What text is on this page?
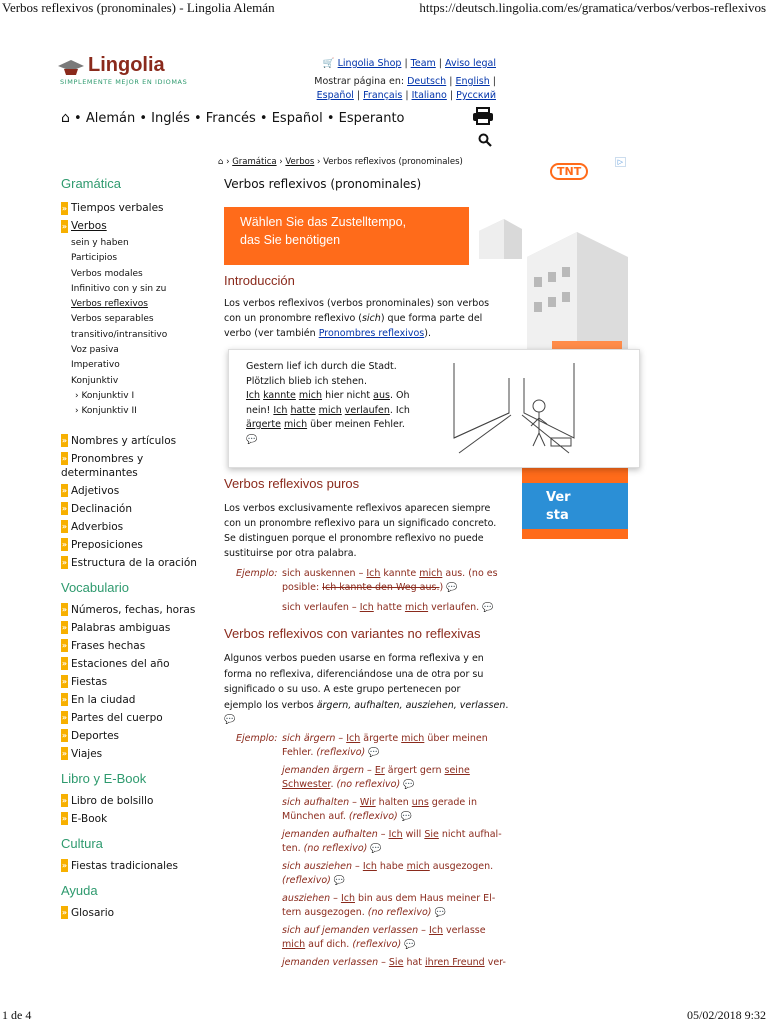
Verbos reflexivos (pronominales) - Lingolia Alemán	https://deutsch.lingolia.com/es/gramatica/verbos/verbos-reflexivos
1 de 4	05/02/2018 9:32
Lingolia
SIMPLEMENTE MEJOR EN IDIOMAS
🛒 Lingolia Shop | Team | Aviso legal
Mostrar página en: Deutsch | English |
Español | Français | Italiano | Русский
⌂ • Alemán • Inglés • Francés • Español • Esperanto
⌂ › Gramática › Verbos › Verbos reflexivos (pronominales)
Verbos reflexivos (pronominales)
Gramática
» Tiempos verbales
» Verbos
sein y haben
Participios
Verbos modales
Infinitivo con y sin zu
Verbos reflexivos
Verbos separables
transitivo/intransitivo
Voz pasiva
Imperativo
Konjunktiv
› Konjunktiv I
› Konjunktiv II
» Nombres y artículos
» Pronombres y determinantes
» Adjetivos
» Declinación
» Adverbios
» Preposiciones
» Estructura de la oración
Vocabulario
» Números, fechas, horas
» Palabras ambiguas
» Frases hechas
» Estaciones del año
» Fiestas
» En la ciudad
» Partes del cuerpo
» Deportes
» Viajes
Libro y E-Book
» Libro de bolsillo
» E-Book
Cultura
» Fiestas tradicionales
Ayuda
» Glosario
Wählen Sie das Zustelltempo,
das Sie benötigen
▷
TNT
Ver
sta
Introducción
Los verbos reflexivos (verbos pronominales) son verbos
con un pronombre reflexivo (sich) que forma parte del
verbo (ver también Pronombres reflexivos).
Gestern lief ich durch die Stadt.
Plötzlich blieb ich stehen.
Ich kannte mich hier nicht aus. Oh
nein! Ich hatte mich verlaufen. Ich
ärgerte mich über meinen Fehler.
💬
Verbos reflexivos puros
Los verbos exclusivamente reflexivos aparecen siempre
con un pronombre reflexivo para un significado concreto.
Se distinguen porque el pronombre reflexivo no puede
sustituirse por otra palabra.
Ejemplo: sich auskennen – Ich kannte mich aus. (no es
posible: Ich kannte den Weg aus.) 💬
sich verlaufen – Ich hatte mich verlaufen. 💬
Verbos reflexivos con variantes no reflexivas
Algunos verbos pueden usarse en forma reflexiva y en
forma no reflexiva, diferenciándose una de otra por su
significado o su uso. A este grupo pertenecen por
ejemplo los verbos ärgern, aufhalten, ausziehen, verlassen.
💬
Ejemplo: sich ärgern – Ich ärgerte mich über meinen
Fehler. (reflexivo) 💬
jemanden ärgern – Er ärgert gern seine
Schwester. (no reflexivo) 💬
sich aufhalten – Wir halten uns gerade in
München auf. (reflexivo) 💬
jemanden aufhalten – Ich will Sie nicht aufhal-
ten. (no reflexivo) 💬
sich ausziehen – Ich habe mich ausgezogen.
(reflexivo) 💬
ausziehen – Ich bin aus dem Haus meiner El-
tern ausgezogen. (no reflexivo) 💬
sich auf jemanden verlassen – Ich verlasse
mich auf dich. (reflexivo) 💬
jemanden verlassen – Sie hat ihren Freund ver-
